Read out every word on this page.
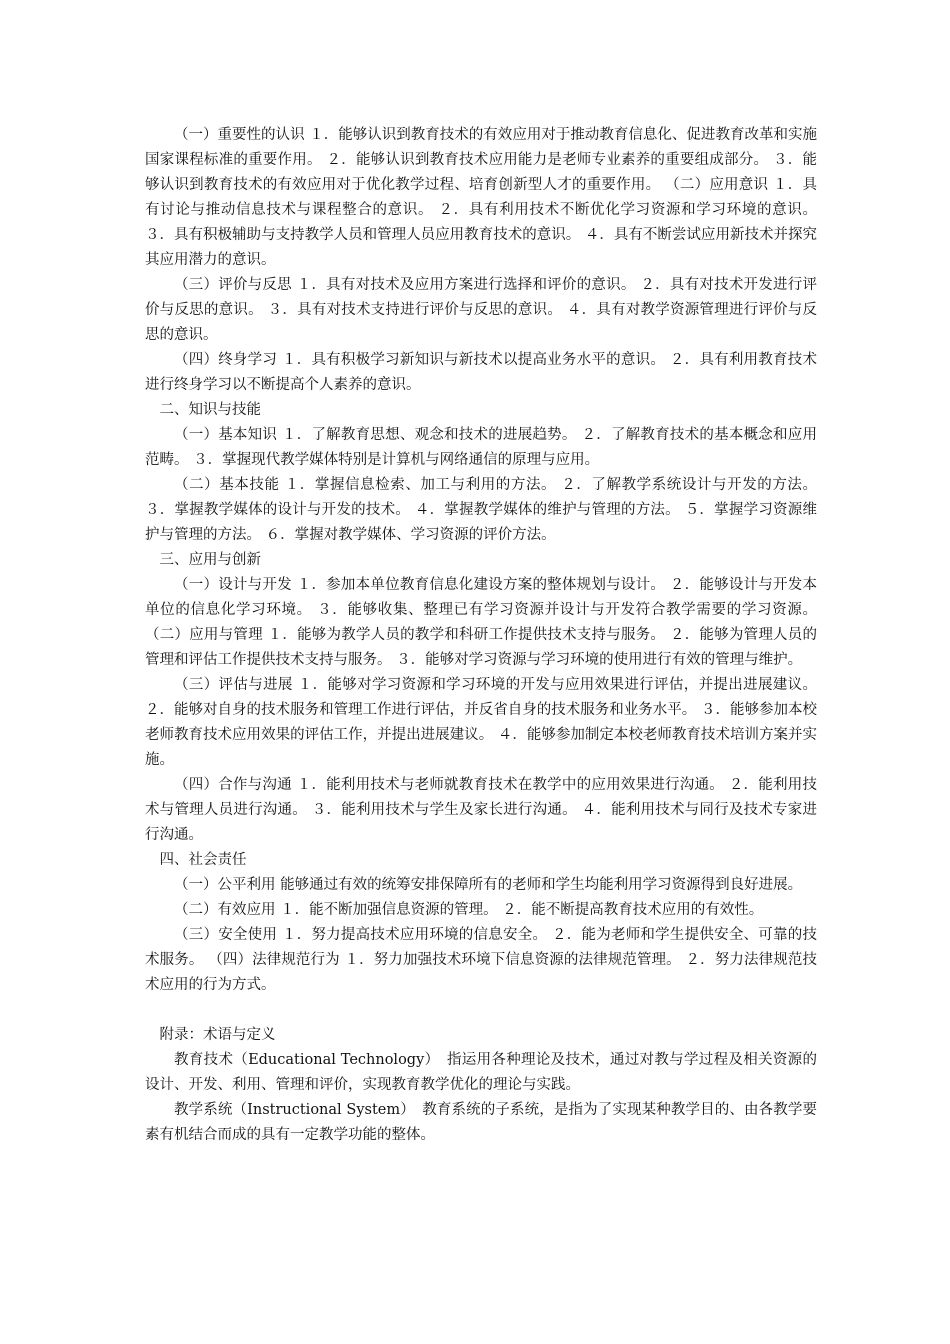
（一）重要性的认识 １．能够认识到教育技术的有效应用对于推动教育信息化、促进教育改革和实施国家课程标准的重要作用。 ２．能够认识到教育技术应用能力是老师专业素养的重要组成部分。 ３．能够认识到教育技术的有效应用对于优化教学过程、培育创新型人才的重要作用。 （二）应用意识 １．具有讨论与推动信息技术与课程整合的意识。 ２．具有利用技术不断优化学习资源和学习环境的意识。 ３．具有积极辅助与支持教学人员和管理人员应用教育技术的意识。 ４．具有不断尝试应用新技术并探究其应用潜力的意识。

（三）评价与反思 １．具有对技术及应用方案进行选择和评价的意识。 ２．具有对技术开发进行评价与反思的意识。 ３．具有对技术支持进行评价与反思的意识。 ４．具有对教学资源管理进行评价与反思的意识。

（四）终身学习 １．具有积极学习新知识与新技术以提高业务水平的意识。 ２．具有利用教育技术进行终身学习以不断提高个人素养的意识。

二、知识与技能

（一）基本知识 １．了解教育思想、观念和技术的进展趋势。 ２．了解教育技术的基本概念和应用范畴。 ３．掌握现代教学媒体特别是计算机与网络通信的原理与应用。

（二）基本技能 １．掌握信息检索、加工与利用的方法。 ２．了解教学系统设计与开发的方法。 ３．掌握教学媒体的设计与开发的技术。 ４．掌握教学媒体的维护与管理的方法。 ５．掌握学习资源维护与管理的方法。 ６．掌握对教学媒体、学习资源的评价方法。

三、应用与创新

（一）设计与开发 １．参加本单位教育信息化建设方案的整体规划与设计。 ２．能够设计与开发本单位的信息化学习环境。 ３．能够收集、整理已有学习资源并设计与开发符合教学需要的学习资源。 （二）应用与管理 １．能够为教学人员的教学和科研工作提供技术支持与服务。 ２．能够为管理人员的管理和评估工作提供技术支持与服务。 ３．能够对学习资源与学习环境的使用进行有效的管理与维护。

（三）评估与进展 １．能够对学习资源和学习环境的开发与应用效果进行评估，并提出进展建议。 ２．能够对自身的技术服务和管理工作进行评估，并反省自身的技术服务和业务水平。 ３．能够参加本校老师教育技术应用效果的评估工作，并提出进展建议。 ４．能够参加制定本校老师教育技术培训方案并实施。

（四）合作与沟通 １．能利用技术与老师就教育技术在教学中的应用效果进行沟通。 ２．能利用技术与管理人员进行沟通。 ３．能利用技术与学生及家长进行沟通。 ４．能利用技术与同行及技术专家进行沟通。

四、社会责任

（一）公平利用 能够通过有效的统筹安排保障所有的老师和学生均能利用学习资源得到良好进展。

（二）有效应用 １．能不断加强信息资源的管理。 ２．能不断提高教育技术应用的有效性。

（三）安全使用 １．努力提高技术应用环境的信息安全。 ２．能为老师和学生提供安全、可靠的技术服务。 （四）法律规范行为 １．努力加强技术环境下信息资源的法律规范管理。 ２．努力法律规范技术应用的行为方式。

附录：术语与定义

教育技术（Educational Technology）　指运用各种理论及技术，通过对教与学过程及相关资源的设计、开发、利用、管理和评价，实现教育教学优化的理论与实践。

教学系统（Instructional System）　教育系统的子系统，是指为了实现某种教学目的、由各教学要素有机结合而成的具有一定教学功能的整体。
